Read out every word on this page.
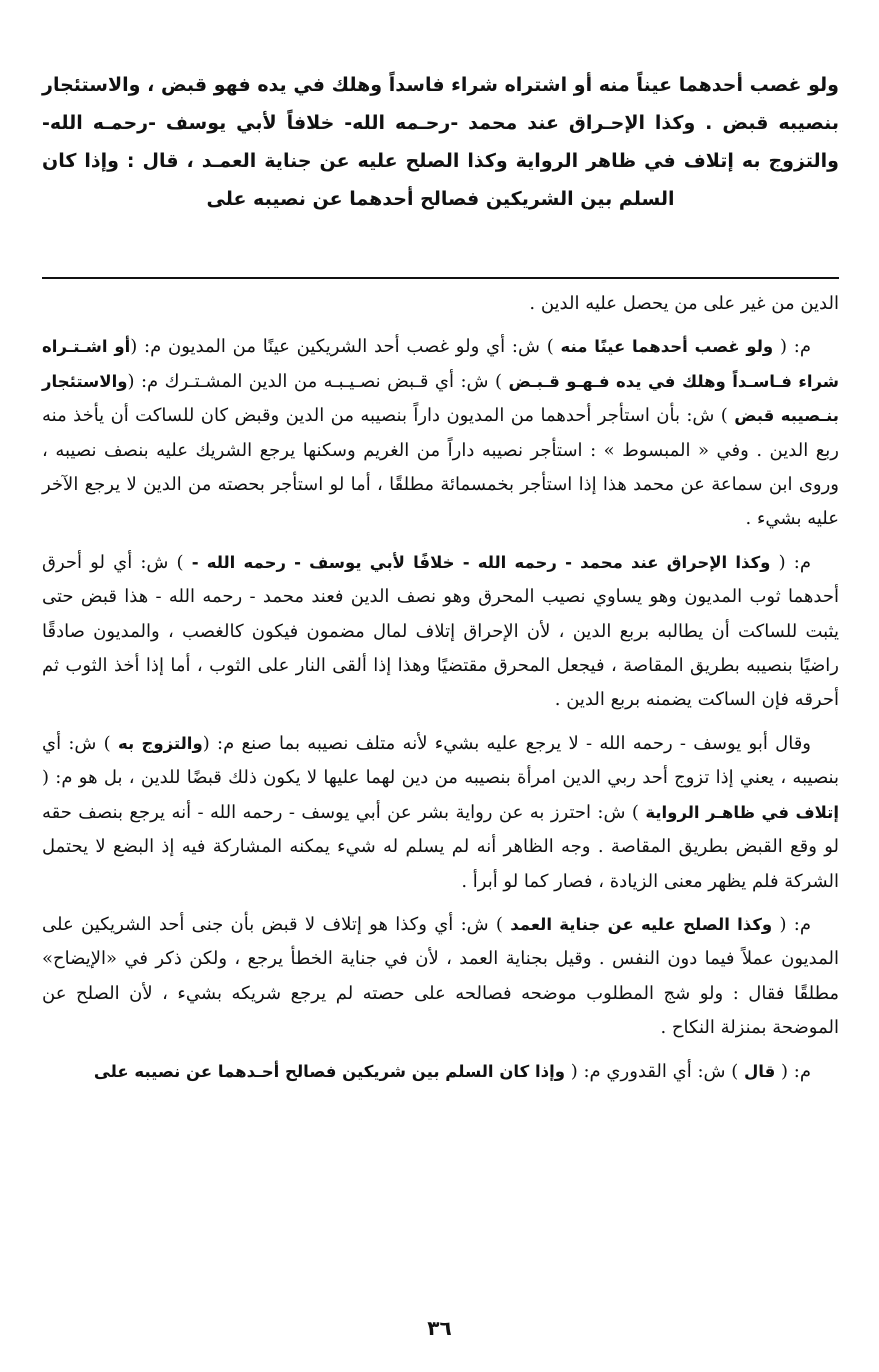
ولو غصب أحدهما عيناً منه أو اشتراه شراء فاسداً وهلك في يده فهو قبض ، والاستئجار بنصيبه قبض . وكذا الإحـراق عند محمد -رحـمه الله- خلافاً لأبي يوسف -رحمـه الله- والتزوج به إتلاف في ظاهر الرواية وكذا الصلح عليه عن جناية العمـد ، قال : وإذا كان السلم بين الشريكين فصالح أحدهما عن نصيبه على

الدين من غير على من يحصل عليه الدين .

م: ( ولو غصب أحدهما عينًا منه ) ش: أي ولو غصب أحد الشريكين عينًا من المديون م: (أو اشـتـراه شراء فـاسـداً وهلك في يده فـهـو قـبـض ) ش: أي قـبض نصـيـبـه من الدين المشـتـرك م: (والاستئجار بنـصيبه قبض ) ش: بأن استأجر أحدهما من المديون داراً بنصيبه من الدين وقبض كان للساكت أن يأخذ منه ربع الدين . وفي « المبسوط » : استأجر نصيبه داراً من الغريم وسكنها يرجع الشريك عليه بنصف نصيبه ، وروى ابن سماعة عن محمد هذا إذا استأجر بخمسمائة مطلقًا ، أما لو استأجر بحصته من الدين لا يرجع الآخر عليه بشيء .

م: ( وكذا الإحراق عند محمد - رحمه الله - خلافًا لأبي يوسف - رحمه الله - ) ش: أي لو أحرق أحدهما ثوب المديون وهو يساوي نصيب المحرق وهو نصف الدين فعند محمد - رحمه الله - هذا قبض حتى يثبت للساكت أن يطالبه بربع الدين ، لأن الإحراق إتلاف لمال مضمون فيكون كالغصب ، والمديون صادقًا راضيًا بنصيبه بطريق المقاصة ، فيجعل المحرق مقتضيًا وهذا إذا ألقى النار على الثوب ، أما إذا أخذ الثوب ثم أحرقه فإن الساكت يضمنه بربع الدين .

وقال أبو يوسف - رحمه الله - لا يرجع عليه بشيء لأنه متلف نصيبه بما صنع م: (والتزوج به ) ش: أي بنصيبه ، يعني إذا تزوج أحد ربي الدين امرأة بنصيبه من دين لهما عليها لا يكون ذلك قبضًا للدين ، بل هو م: ( إتلاف في ظاهـر الرواية ) ش: احترز به عن رواية بشر عن أبي يوسف - رحمه الله - أنه يرجع بنصف حقه لو وقع القبض بطريق المقاصة . وجه الظاهر أنه لم يسلم له شيء يمكنه المشاركة فيه إذ البضع لا يحتمل الشركة فلم يظهر معنى الزيادة ، فصار كما لو أبرأ .

م: ( وكذا الصلح عليه عن جناية العمد ) ش: أي وكذا هو إتلاف لا قبض بأن جنى أحد الشريكين على المديون عملاً فيما دون النفس . وقيل بجناية العمد ، لأن في جناية الخطأ يرجع ، ولكن ذكر في «الإيضاح» مطلقًا فقال : ولو شج المطلوب موضحه فصالحه على حصته لم يرجع شريكه بشيء ، لأن الصلح عن الموضحة بمنزلة النكاح .

م: ( قال ) ش: أي القدوري م: ( وإذا كان السلم بين شريكين فصالح أحـدهما عن نصيبه على

٣٦
